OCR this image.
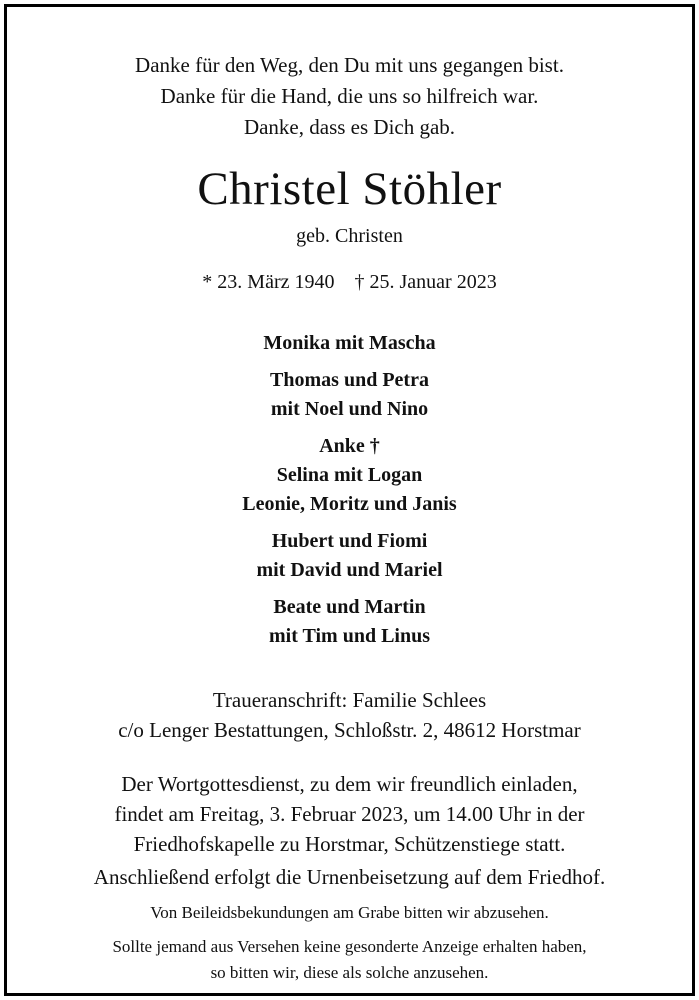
Danke für den Weg, den Du mit uns gegangen bist.
Danke für die Hand, die uns so hilfreich war.
Danke, dass es Dich gab.
Christel Stöhler
geb. Christen
* 23. März 1940 † 25. Januar 2023
Monika mit Mascha
Thomas und Petra
mit Noel und Nino
Anke †
Selina mit Logan
Leonie, Moritz und Janis
Hubert und Fiomi
mit David und Mariel
Beate und Martin
mit Tim und Linus
Traueranschrift: Familie Schlees
c/o Lenger Bestattungen, Schloßstr. 2, 48612 Horstmar
Der Wortgottesdienst, zu dem wir freundlich einladen,
findet am Freitag, 3. Februar 2023, um 14.00 Uhr in der
Friedhofskapelle zu Horstmar, Schützenstiege statt.
Anschließend erfolgt die Urnenbeisetzung auf dem Friedhof.
Von Beileidsbekundungen am Grabe bitten wir abzusehen.
Sollte jemand aus Versehen keine gesonderte Anzeige erhalten haben,
so bitten wir, diese als solche anzusehen.
